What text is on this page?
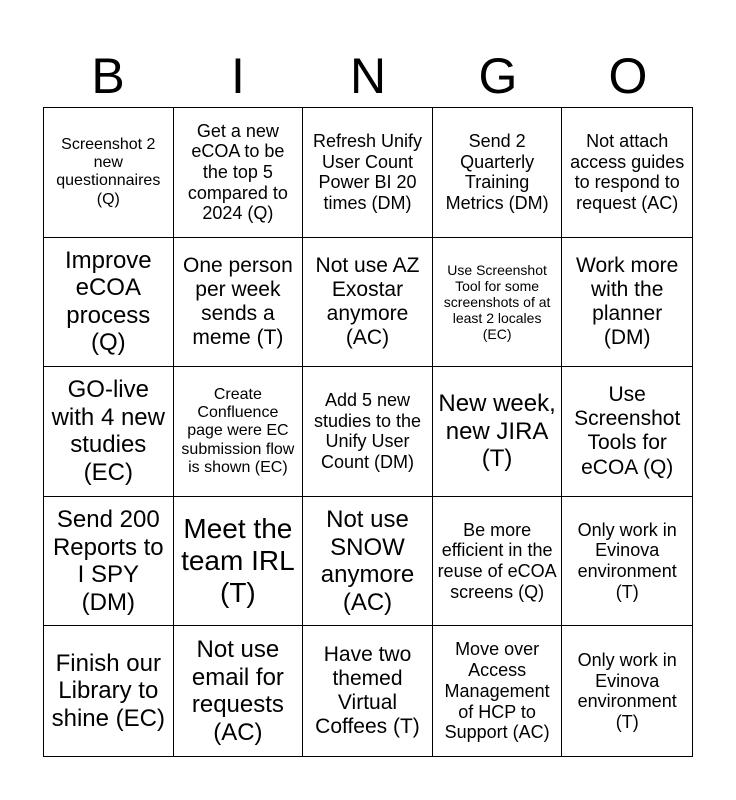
B	I	N	G	O
Screenshot 2 new questionnaires (Q)
Get a new eCOA to be the top 5 compared to 2024 (Q)
Refresh Unify User Count Power BI 20 times (DM)
Send 2 Quarterly Training Metrics (DM)
Not attach access guides to respond to request (AC)
Improve eCOA process (Q)
One person per week sends a meme (T)
Not use AZ Exostar anymore (AC)
Use Screenshot Tool for some screenshots of at least 2 locales (EC)
Work more with the planner (DM)
GO-live with 4 new studies (EC)
Create Confluence page were EC submission flow is shown (EC)
Add 5 new studies to the Unify User Count (DM)
New week, new JIRA (T)
Use Screenshot Tools for eCOA (Q)
Send 200 Reports to I SPY (DM)
Meet the team IRL (T)
Not use SNOW anymore (AC)
Be more efficient in the reuse of eCOA screens (Q)
Only work in Evinova environment (T)
Finish our Library to shine (EC)
Not use email for requests (AC)
Have two themed Virtual Coffees (T)
Move over Access Management of HCP to Support (AC)
Only work in Evinova environment (T)
